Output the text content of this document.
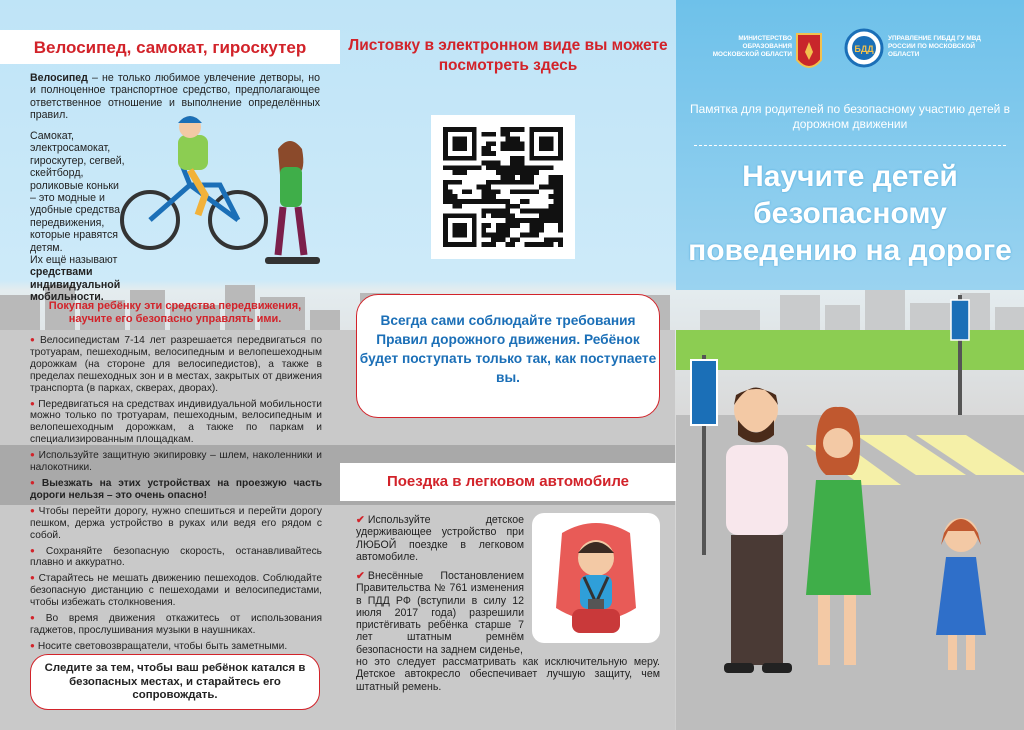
Велосипед, самокат, гироскутер
Велосипед – не только любимое увлечение детворы, но и полноценное транспортное средство, предполагающее ответственное отношение и выполнение определённых правил.
Самокат, электросамокат, гироскутер, сегвей, скейтборд, роликовые коньки – это модные и удобные средства передвижения, которые нравятся детям.
Их ещё называют средствами индивидуальной мобильности.
Покупая ребёнку эти средства передвижения, научите его безопасно управлять ими.
● Велосипедистам 7-14 лет разрешается передвигаться по тротуарам, пешеходным, велосипедным и велопешеходным дорожкам (на стороне для велосипедистов), а также в пределах пешеходных зон и в местах, закрытых от движения транспорта (в парках, скверах, дворах).
● Передвигаться на средствах индивидуальной мобильности можно только по тротуарам, пешеходным, велосипедным и велопешеходным дорожкам, а также по паркам и специализированным площадкам.
● Используйте защитную экипировку – шлем, наколенники и налокотники.
● Выезжать на этих устройствах на проезжую часть дороги нельзя – это очень опасно!
● Чтобы перейти дорогу, нужно спешиться и перейти дорогу пешком, держа устройство в руках или ведя его рядом с собой.
● Сохраняйте безопасную скорость, останавливайтесь плавно и аккуратно.
● Старайтесь не мешать движению пешеходов. Соблюдайте безопасную дистанцию с пешеходами и велосипедистами, чтобы избежать столкновения.
● Во время движения откажитесь от использования гаджетов, прослушивания музыки в наушниках.
● Носите световозвращатели, чтобы быть заметными.
Следите за тем, чтобы ваш ребёнок катался в безопасных местах, и старайтесь его сопровождать.
Листовку в электронном виде вы можете посмотреть здесь
Всегда сами соблюдайте требования Правил дорожного движения. Ребёнок будет поступать только так, как поступаете вы.
Поездка в легковом автомобиле
✔ Используйте детское удерживающее устройство при ЛЮБОЙ поездке в легковом автомобиле.
✔ Внесённые Постановлением Правительства № 761 изменения в ПДД РФ (вступили в силу 12 июля 2017 года) разрешили пристёгивать ребёнка старше 7 лет штатным ремнём безопасности на заднем сиденье,
но это следует рассматривать как исключительную меру. Детское автокресло обеспечивает лучшую защиту, чем штатный ремень.
МИНИСТЕРСТВО ОБРАЗОВАНИЯ МОСКОВСКОЙ ОБЛАСТИ
БДД
УПРАВЛЕНИЕ ГИБДД ГУ МВД РОССИИ ПО МОСКОВСКОЙ ОБЛАСТИ
Памятка для родителей по безопасному участию детей в дорожном движении
Научите детей безопасному поведению на дороге
